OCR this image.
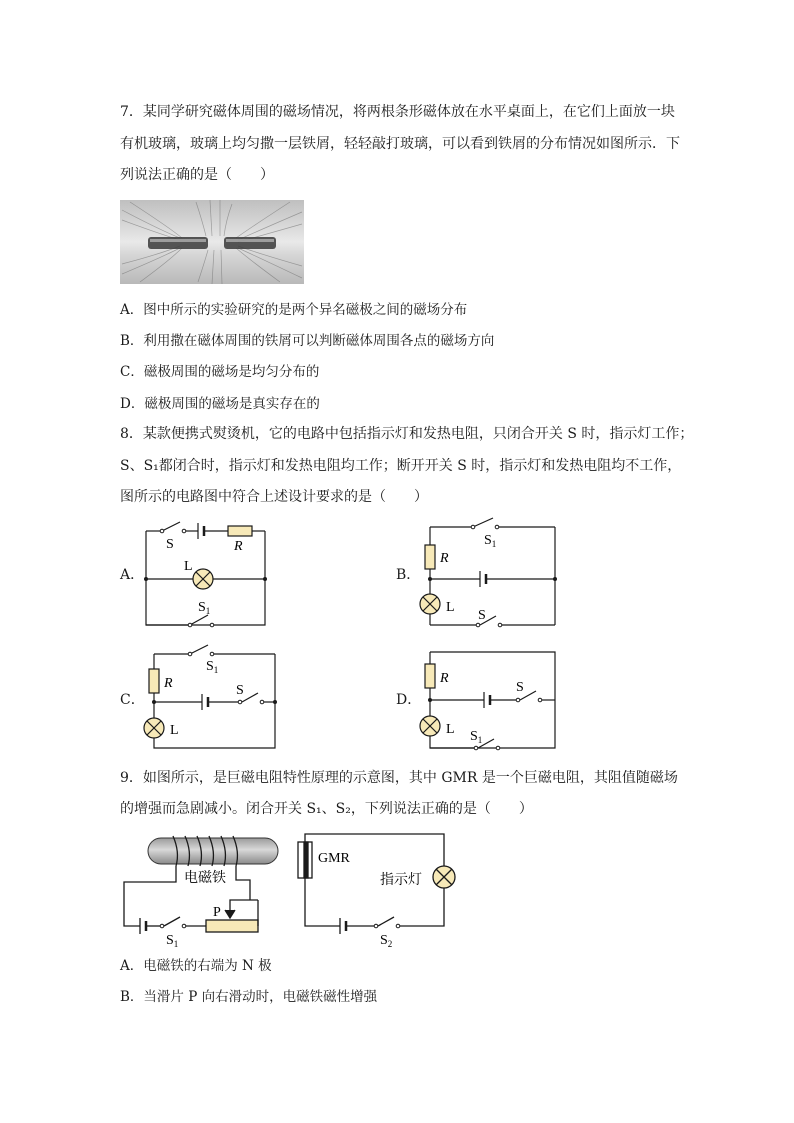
7．某同学研究磁体周围的磁场情况，将两根条形磁体放在水平桌面上，在它们上面放一块
有机玻璃，玻璃上均匀撒一层铁屑，轻轻敲打玻璃，可以看到铁屑的分布情况如图所示．下
列说法正确的是（　　）
A．图中所示的实验研究的是两个异名磁极之间的磁场分布
B．利用撒在磁体周围的铁屑可以判断磁体周围各点的磁场方向
C．磁极周围的磁场是均匀分布的
D．磁极周围的磁场是真实存在的
8．某款便携式熨烫机，它的电路中包括指示灯和发热电阻，只闭合开关 S 时，指示灯工作；
S、S₁都闭合时，指示灯和发热电阻均工作；断开开关 S 时，指示灯和发热电阻均不工作，
图所示的电路图中符合上述设计要求的是（　　）
A．
S	R
L
$S_1$
B．
$S_1$
R
L
S
C．
$S_1$
R	S
L
D．
R
S
L $S_1$
9．如图所示，是巨磁电阻特性原理的示意图，其中 GMR 是一个巨磁电阻，其阻值随磁场
的增强而急剧减小。闭合开关 S₁、S₂，下列说法正确的是（　　）
电磁铁
GMR
指示灯
P
$S_1$	$S_2$
A．电磁铁的右端为 N 极
B．当滑片 P 向右滑动时，电磁铁磁性增强
